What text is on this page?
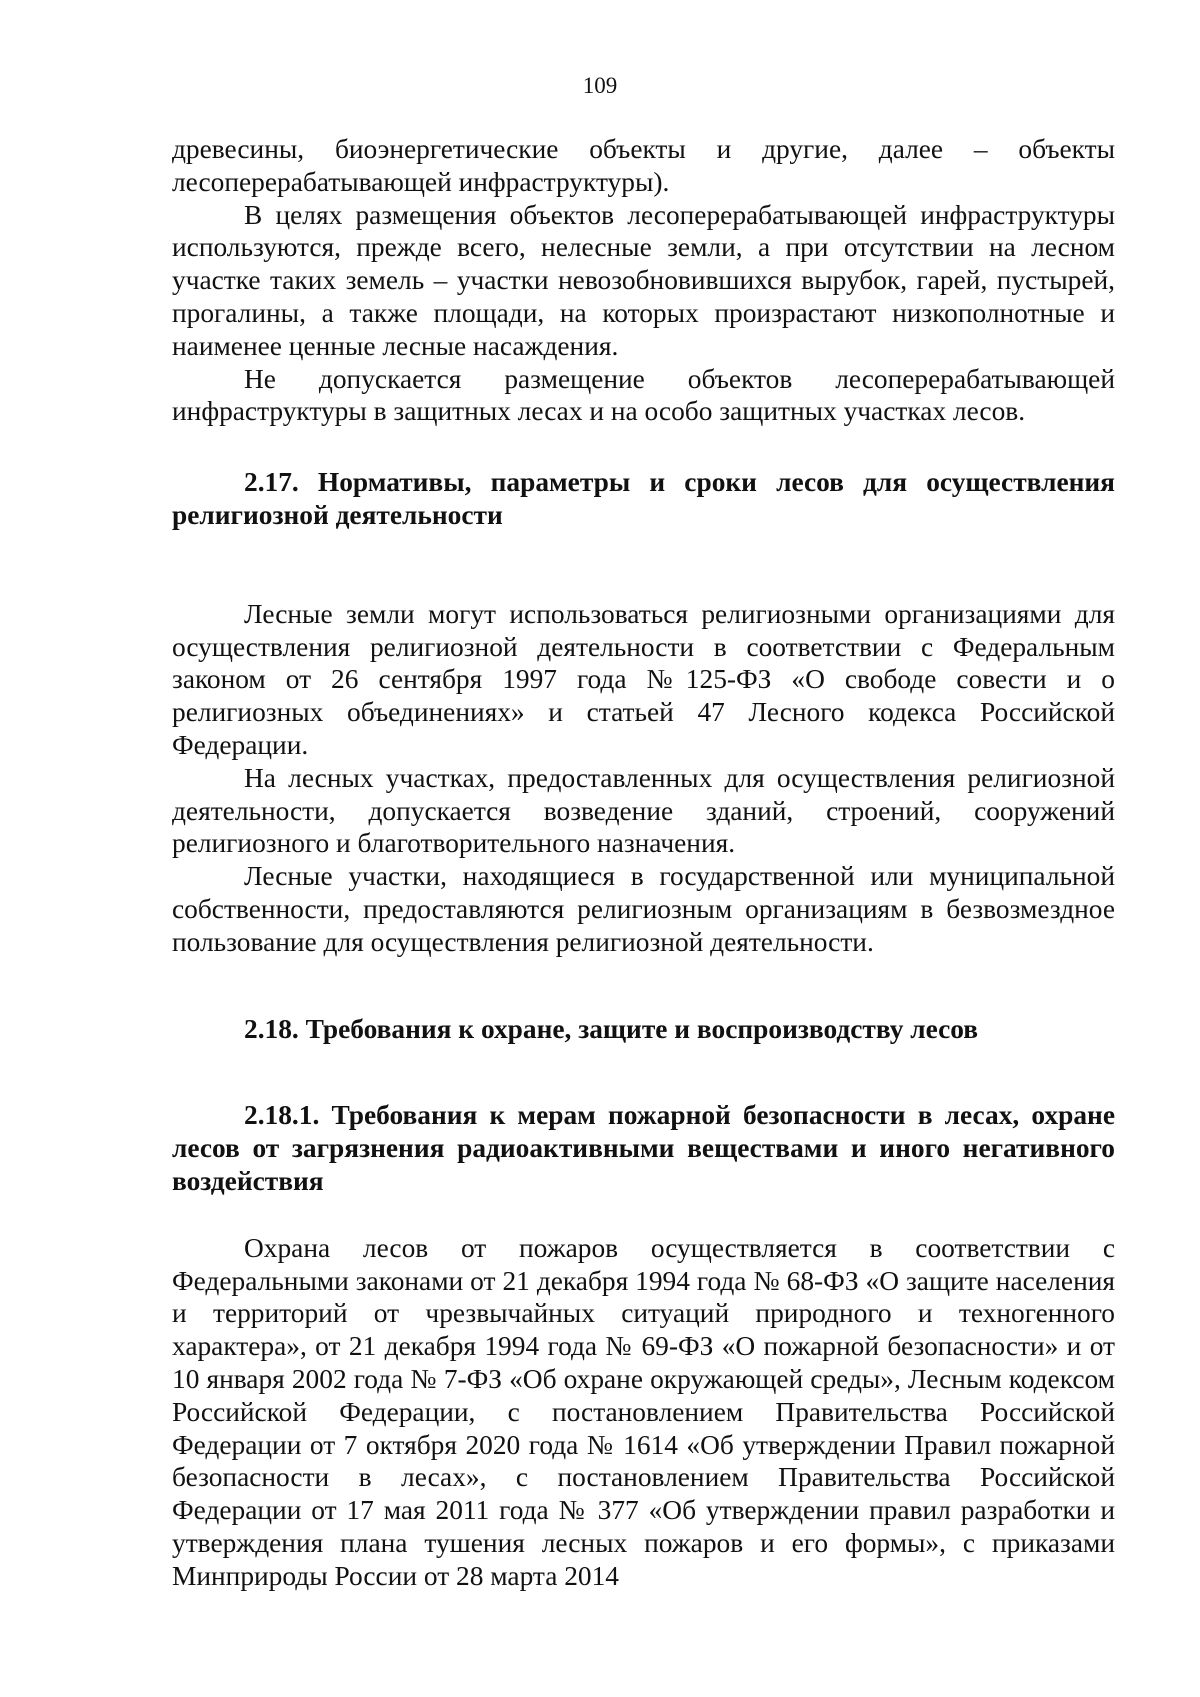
109

древесины, биоэнергетические объекты и другие, далее – объекты лесоперерабатывающей инфраструктуры).

В целях размещения объектов лесоперерабатывающей инфраструктуры используются, прежде всего, нелесные земли, а при отсутствии на лесном участке таких земель – участки невозобновившихся вырубок, гарей, пустырей, прогалины, а также площади, на которых произрастают низкополнотные и наименее ценные лесные насаждения.

Не допускается размещение объектов лесоперерабатывающей инфраструктуры в защитных лесах и на особо защитных участках лесов.

2.17. Нормативы, параметры и сроки лесов для осуществления религиозной деятельности

Лесные земли могут использоваться религиозными организациями для осуществления религиозной деятельности в соответствии с Федеральным законом от 26 сентября 1997 года №125-ФЗ «О свободе совести и о религиозных объединениях» и статьей 47 Лесного кодекса Российской Федерации.

На лесных участках, предоставленных для осуществления религиозной деятельности, допускается возведение зданий, строений, сооружений религиозного и благотворительного назначения.

Лесные участки, находящиеся в государственной или муниципальной собственности, предоставляются религиозным организациям в безвозмездное пользование для осуществления религиозной деятельности.

2.18. Требования к охране, защите и воспроизводству лесов
2.18.1. Требования к мерам пожарной безопасности в лесах, охране лесов от загрязнения радиоактивными веществами и иного негативного воздействия

Охрана лесов от пожаров осуществляется в соответствии с Федеральными законами от 21 декабря 1994 года № 68-ФЗ «О защите населения и территорий от чрезвычайных ситуаций природного и техногенного характера», от 21 декабря 1994 года № 69-ФЗ «О пожарной безопасности» и от 10 января 2002 года № 7-ФЗ «Об охране окружающей среды», Лесным кодексом Российской Федерации, с постановлением Правительства Российской Федерации от 7 октября 2020 года № 1614 «Об утверждении Правил пожарной безопасности в лесах», с постановлением Правительства Российской Федерации от 17 мая 2011 года № 377 «Об утверждении правил разработки и утверждения плана тушения лесных пожаров и его формы», с приказами Минприроды России от 28 марта 2014
